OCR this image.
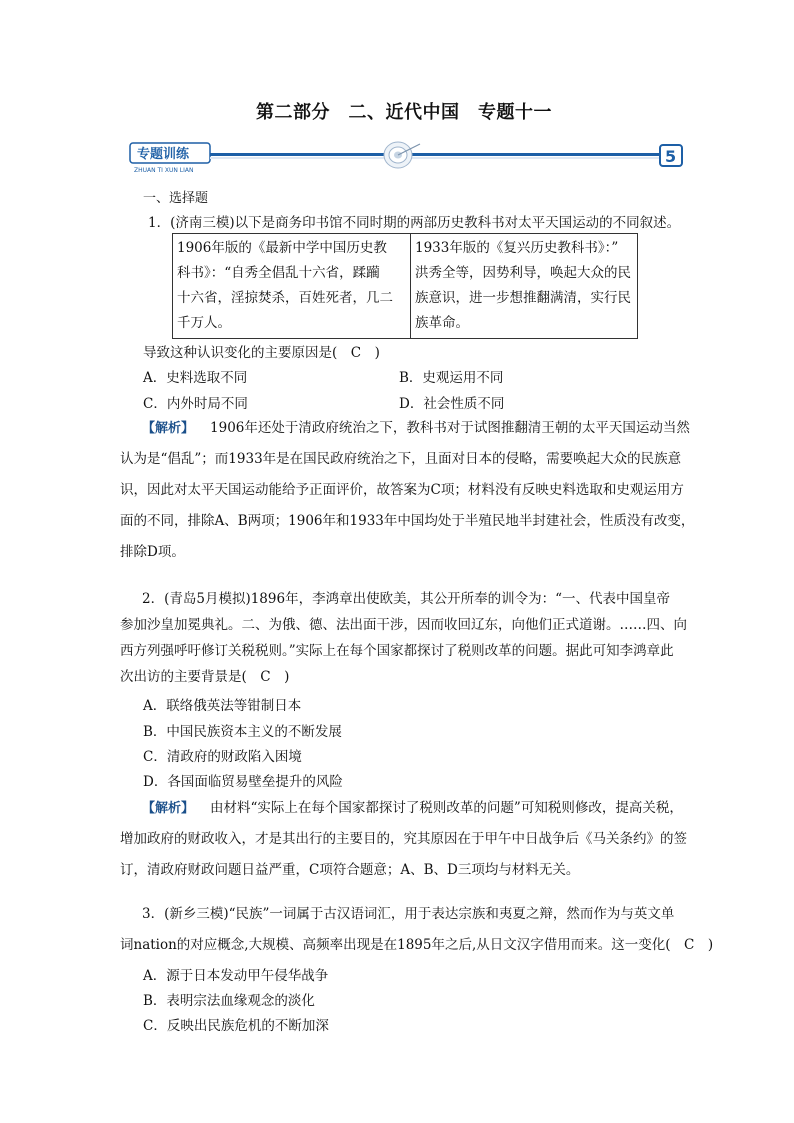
第二部分　二、近代中国　专题十一
专题训练
ZHUAN TI XUN LIAN
5
一、选择题
1．(济南三模)以下是商务印书馆不同时期的两部历史教科书对太平天国运动的不同叙述。
1906年版的《最新中学中国历史教
科书》：“自秀全倡乱十六省，蹂躏
十六省，淫掠焚杀，百姓死者，几二
千万人。

1933年版的《复兴历史教科书》：”
洪秀全等，因势利导，唤起大众的民
族意识，进一步想推翻满清，实行民
族革命。
导致这种认识变化的主要原因是(　C　)
A．史料选取不同	B．史观运用不同
C．内外时局不同	D．社会性质不同
【解析】 1906年还处于清政府统治之下，教科书对于试图推翻清王朝的太平天国运动当然
认为是“倡乱”；而1933年是在国民政府统治之下，且面对日本的侵略，需要唤起大众的民族意
识，因此对太平天国运动能给予正面评价，故答案为C项；材料没有反映史料选取和史观运用方
面的不同，排除A、B两项；1906年和1933年中国均处于半殖民地半封建社会，性质没有改变，
排除D项。
2．(青岛5月模拟)1896年，李鸿章出使欧美，其公开所奉的训令为：“一、代表中国皇帝
参加沙皇加冕典礼。二、为俄、德、法出面干涉，因而收回辽东，向他们正式道谢。……四、向
西方列强呼吁修订关税税则。”实际上在每个国家都探讨了税则改革的问题。据此可知李鸿章此
次出访的主要背景是(　C　)
A．联络俄英法等钳制日本
B．中国民族资本主义的不断发展
C．清政府的财政陷入困境
D．各国面临贸易壁垒提升的风险
【解析】 由材料“实际上在每个国家都探讨了税则改革的问题”可知税则修改，提高关税，
增加政府的财政收入，才是其出行的主要目的，究其原因在于甲午中日战争后《马关条约》的签
订，清政府财政问题日益严重，C项符合题意；A、B、D三项均与材料无关。
3．(新乡三模)“民族”一词属于古汉语词汇，用于表达宗族和夷夏之辩，然而作为与英文单
词nation的对应概念,大规模、高频率出现是在1895年之后,从日文汉字借用而来。这一变化(　C　)
A．源于日本发动甲午侵华战争
B．表明宗法血缘观念的淡化
C．反映出民族危机的不断加深
